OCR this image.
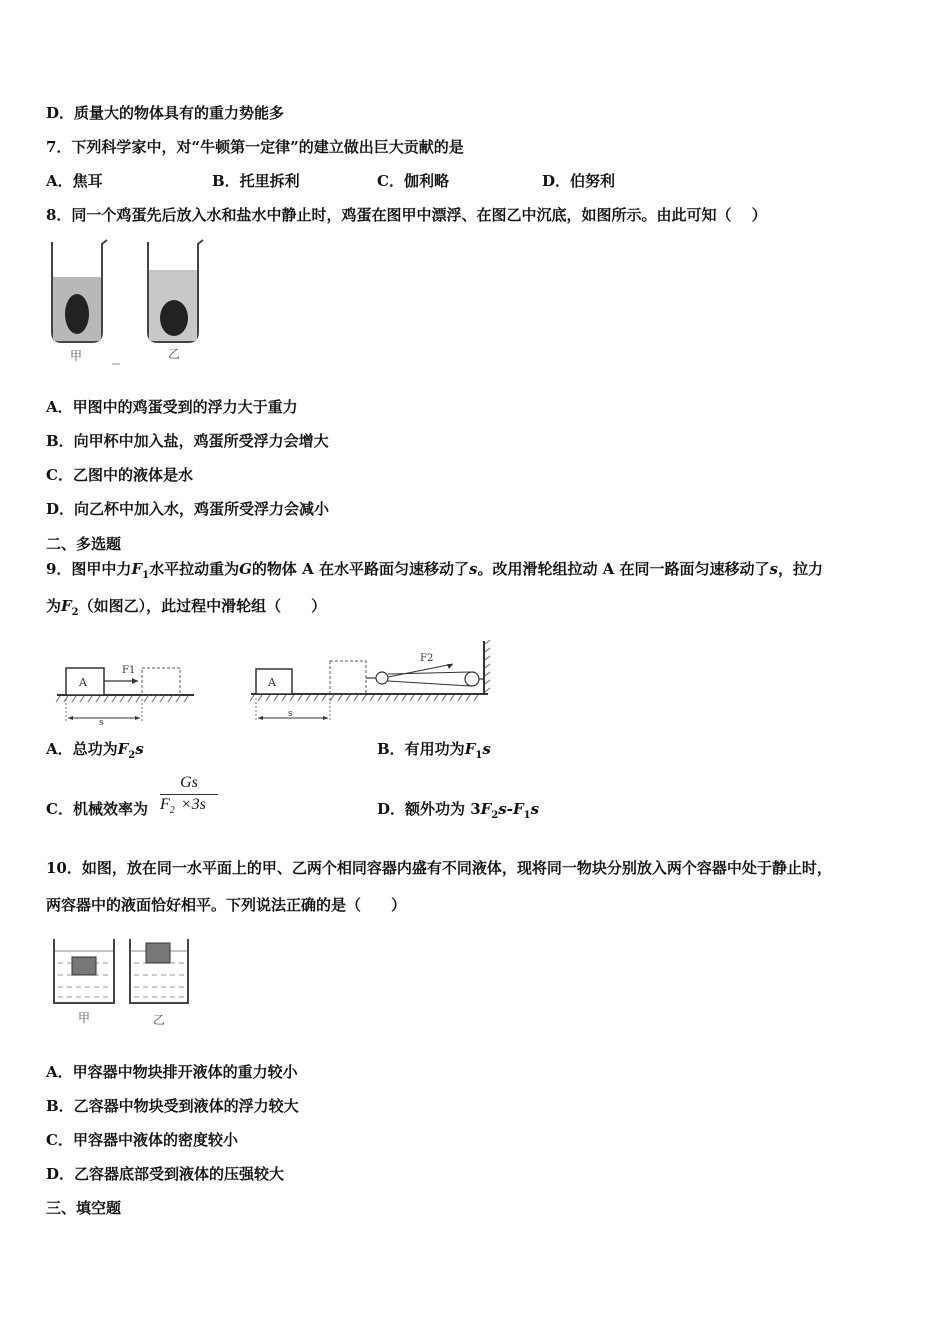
D．质量大的物体具有的重力势能多
7．下列科学家中，对“牛顿第一定律”的建立做出巨大贡献的是
A．焦耳	B．托里拆利	C．伽利略	D．伯努利
8．同一个鸡蛋先后放入水和盐水中静止时，鸡蛋在图甲中漂浮、在图乙中沉底，如图所示。由此可知（　 ）
甲	乙
A．甲图中的鸡蛋受到的浮力大于重力
B．向甲杯中加入盐，鸡蛋所受浮力会增大
C．乙图中的液体是水
D．向乙杯中加入水，鸡蛋所受浮力会减小
二、多选题
9．图甲中力$F_1$水平拉动重为G的物体 A 在水平路面匀速移动了s。改用滑轮组拉动 A 在同一路面匀速移动了s，拉力
为$F_2$（如图乙），此过程中滑轮组（　　）
A
F1
s
A
F2
s
A．总功为$F_2s$	B．有用功为$F_1s$
C．机械效率为 $\frac{Gs}{F_2 \times 3s}$	D．额外功为 $3F_2s-F_1s$
10．如图，放在同一水平面上的甲、乙两个相同容器内盛有不同液体，现将同一物块分别放入两个容器中处于静止时，
两容器中的液面恰好相平。下列说法正确的是（　　）
甲	乙
A．甲容器中物块排开液体的重力较小
B．乙容器中物块受到液体的浮力较大
C．甲容器中液体的密度较小
D．乙容器底部受到液体的压强较大
三、填空题
